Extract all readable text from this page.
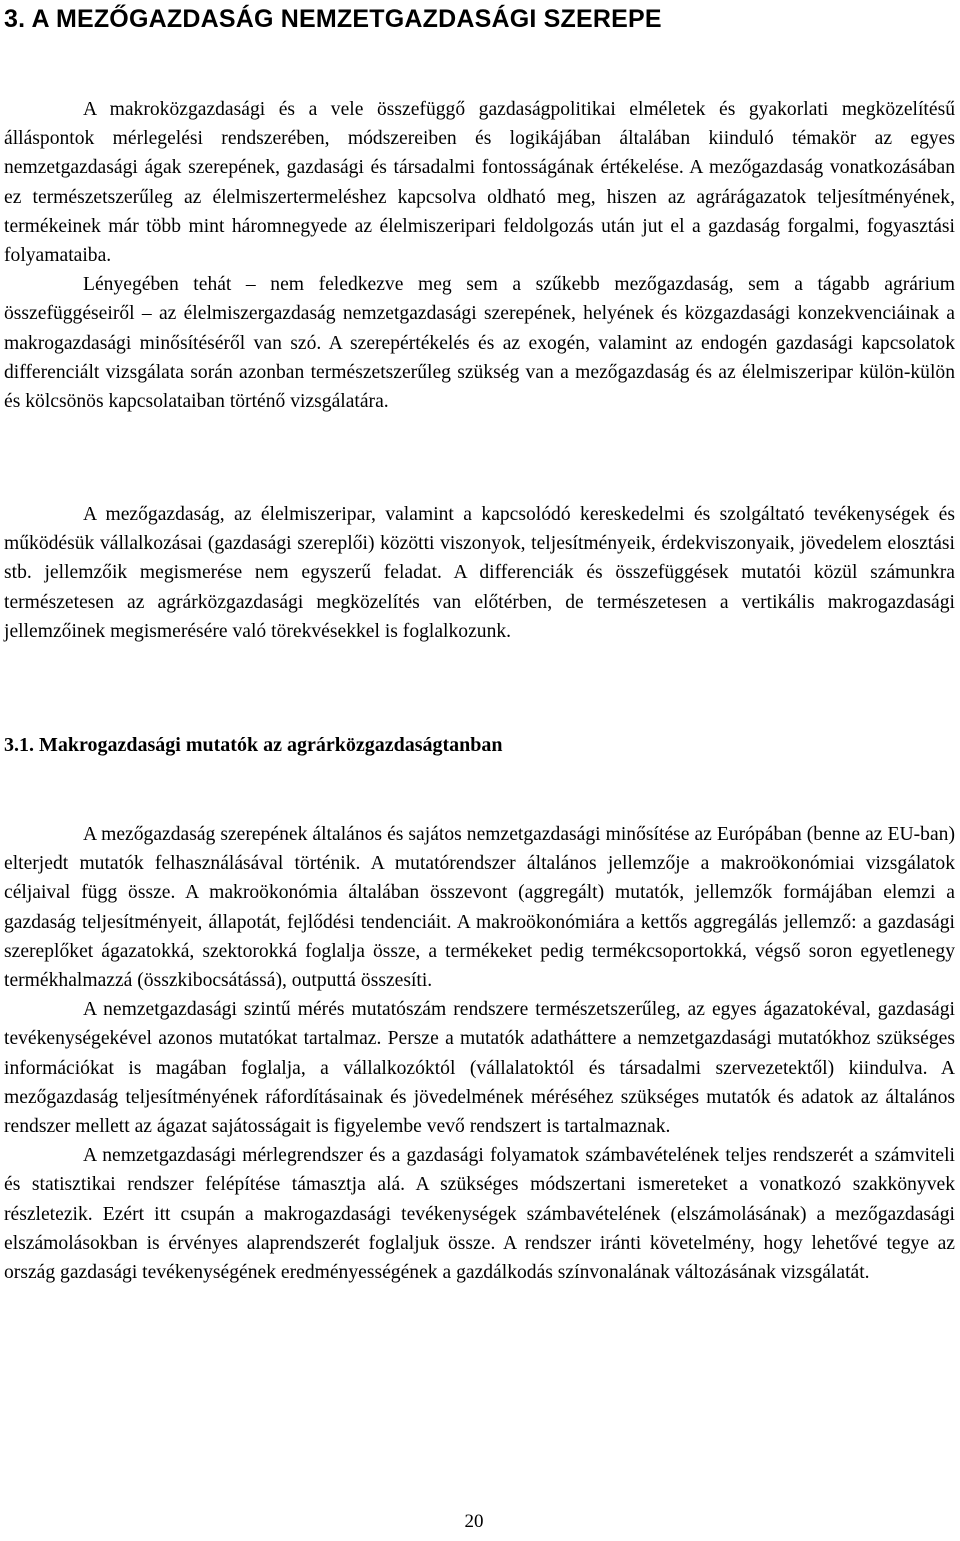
3. A MEZŐGAZDASÁG NEMZETGAZDASÁGI SZEREPE

A makroközgazdasági és a vele összefüggő gazdaságpolitikai elméletek és gyakorlati megközelítésű álláspontok mérlegelési rendszerében, módszereiben és logikájában általában kiinduló témakör az egyes nemzetgazdasági ágak szerepének, gazdasági és társadalmi fontosságának értékelése. A mezőgazdaság vonatkozásában ez természetszerűleg az élelmiszertermeléshez kapcsolva oldható meg, hiszen az agrárágazatok teljesítményének, termékeinek már több mint háromnegyede az élelmiszeripari feldolgozás után jut el a gazdaság forgalmi, fogyasztási folyamataiba.

Lényegében tehát – nem feledkezve meg sem a szűkebb mezőgazdaság, sem a tágabb agrárium összefüggéseiről – az élelmiszergazdaság nemzetgazdasági szerepének, helyének és közgazdasági konzekvenciáinak a makrogazdasági minősítéséről van szó. A szerepértékelés és az exogén, valamint az endogén gazdasági kapcsolatok differenciált vizsgálata során azonban természetszerűleg szükség van a mezőgazdaság és az élelmiszeripar külön-külön és kölcsönös kapcsolataiban történő vizsgálatára.

A mezőgazdaság, az élelmiszeripar, valamint a kapcsolódó kereskedelmi és szolgáltató tevékenységek és működésük vállalkozásai (gazdasági szereplői) közötti viszonyok, teljesítményeik, érdekviszonyaik, jövedelem elosztási stb. jellemzőik megismerése nem egyszerű feladat. A differenciák és összefüggések mutatói közül számunkra természetesen az agrárközgazdasági megközelítés van előtérben, de természetesen a vertikális makrogazdasági jellemzőinek megismerésére való törekvésekkel is foglalkozunk.

3.1. Makrogazdasági mutatók az agrárközgazdaságtanban

A mezőgazdaság szerepének általános és sajátos nemzetgazdasági minősítése az Európában (benne az EU-ban) elterjedt mutatók felhasználásával történik. A mutatórendszer általános jellemzője a makroökonómiai vizsgálatok céljaival függ össze. A makroökonómia általában összevont (aggregált) mutatók, jellemzők formájában elemzi a gazdaság teljesítményeit, állapotát, fejlődési tendenciáit. A makroökonómiára a kettős aggregálás jellemző: a gazdasági szereplőket ágazatokká, szektorokká foglalja össze, a termékeket pedig termékcsoportokká, végső soron egyetlenegy termékhalmazzá (összkibocsátássá), outputtá összesíti.

A nemzetgazdasági szintű mérés mutatószám rendszere természetszerűleg, az egyes ágazatokéval, gazdasági tevékenységekével azonos mutatókat tartalmaz. Persze a mutatók adatháttere a nemzetgazdasági mutatókhoz szükséges információkat is magában foglalja, a vállalkozóktól (vállalatoktól és társadalmi szervezetektől) kiindulva. A mezőgazdaság teljesítményének ráfordításainak és jövedelmének méréséhez szükséges mutatók és adatok az általános rendszer mellett az ágazat sajátosságait is figyelembe vevő rendszert is tartalmaznak.

A nemzetgazdasági mérlegrendszer és a gazdasági folyamatok számbavételének teljes rendszerét a számviteli és statisztikai rendszer felépítése támasztja alá. A szükséges módszertani ismereteket a vonatkozó szakkönyvek részletezik. Ezért itt csupán a makrogazdasági tevékenységek számbavételének (elszámolásának) a mezőgazdasági elszámolásokban is érvényes alaprendszerét foglaljuk össze. A rendszer iránti követelmény, hogy lehetővé tegye az ország gazdasági tevékenységének eredményességének a gazdálkodás színvonalának változásának vizsgálatát.

20
